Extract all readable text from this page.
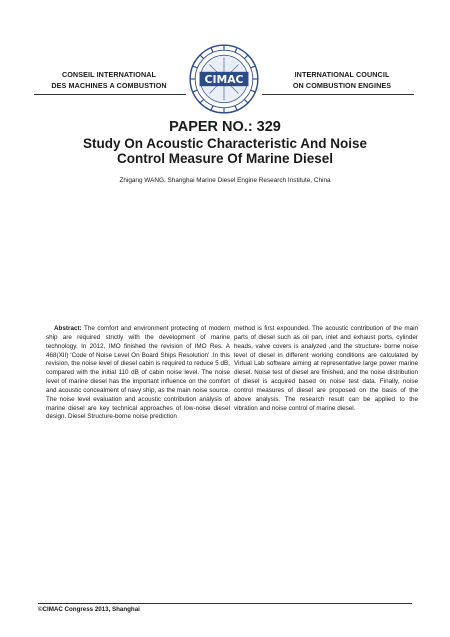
CONSEIL INTERNATIONAL
DES MACHINES A COMBUSTION	CIMAC	INTERNATIONAL COUNCIL
ON COMBUSTION ENGINES
PAPER NO.: 329
Study On Acoustic Characteristic And Noise
Control Measure Of Marine Diesel
Zhigang WANG, Shanghai Marine Diesel Engine Research Institute, China
Abstract: The comfort and environment protecting of modern ship are required strictly with the development of marine technology. In 2012, IMO finished the revision of IMO Res. A 468(XII) 'Code of Noise Level On Board Ships Resolution' .In this revision, the noise level of diesel cabin is required to reduce 5 dB, compared with the initial 110 dB of cabin noise level. The noise level of marine diesel has the important influence on the comfort and acoustic concealment of navy ship, as the main noise source. The noise level evaluation and acoustic contribution analysis of marine diesel are key technical approaches of low-noise diesel design. Diesel Structure-borne noise prediction
method is first expounded. The acoustic contribution of the main parts of diesel such as oil pan, inlet and exhaust ports, cylinder heads, valve covers is analyzed ,and the structure- borne noise level of diesel in different working conditions are calculated by Virtual Lab software aiming at representative large power marine diesel. Noise test of diesel are finished, and the noise distribution of diesel is acquired based on noise test data. Finally, noise control measures of diesel are proposed on the basis of the above analysis. The research result can be applied to the vibration and noise control of marine diesel.
©CIMAC Congress 2013, Shanghai
